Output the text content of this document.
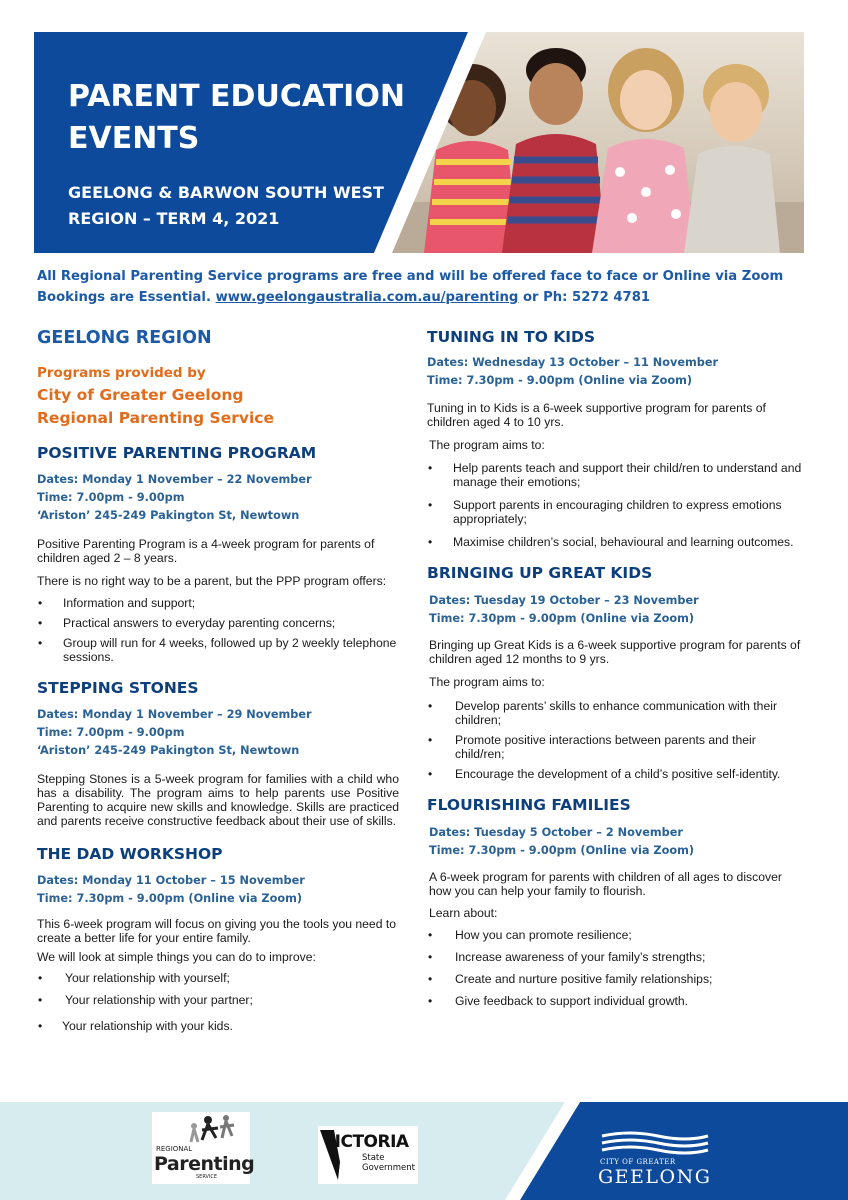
PARENT EDUCATION EVENTS
GEELONG & BARWON SOUTH WEST REGION – TERM 4, 2021
All Regional Parenting Service programs are free and will be offered face to face or Online via Zoom
Bookings are Essential. www.geelongaustralia.com.au/parenting or Ph: 5272 4781
GEELONG REGION
Programs provided by
City of Greater Geelong
Regional Parenting Service
POSITIVE PARENTING PROGRAM
Dates: Monday 1 November – 22 November
Time: 7.00pm - 9.00pm
‘Ariston’ 245-249 Pakington St, Newtown

Positive Parenting Program is a 4-week program for parents of children aged 2 – 8 years.

There is no right way to be a parent, but the PPP program offers:

• Information and support;
• Practical answers to everyday parenting concerns;
• Group will run for 4 weeks, followed up by 2 weekly telephone sessions.
STEPPING STONES
Dates: Monday 1 November – 29 November
Time: 7.00pm - 9.00pm
‘Ariston’ 245-249 Pakington St, Newtown

Stepping Stones is a 5-week program for families with a child who has a disability. The program aims to help parents use Positive Parenting to acquire new skills and knowledge. Skills are practiced and parents receive constructive feedback about their use of skills.

THE DAD WORKSHOP
Dates: Monday 11 October – 15 November
Time: 7.30pm - 9.00pm (Online via Zoom)

This 6-week program will focus on giving you the tools you need to create a better life for your entire family.

We will look at simple things you can do to improve:

• Your relationship with yourself;
• Your relationship with your partner;
• Your relationship with your kids.
TUNING IN TO KIDS
Dates: Wednesday 13 October – 11 November
Time: 7.30pm - 9.00pm (Online via Zoom)

Tuning in to Kids is a 6-week supportive program for parents of children aged 4 to 10 yrs.

The program aims to:

• Help parents teach and support their child/ren to understand and manage their emotions;
• Support parents in encouraging children to express emotions appropriately;
• Maximise children’s social, behavioural and learning outcomes.
BRINGING UP GREAT KIDS
Dates: Tuesday 19 October – 23 November
Time: 7.30pm - 9.00pm (Online via Zoom)

Bringing up Great Kids is a 6-week supportive program for parents of children aged 12 months to 9 yrs.

The program aims to:

• Develop parents’ skills to enhance communication with their children;
• Promote positive interactions between parents and their child/ren;
• Encourage the development of a child’s positive self-identity.
FLOURISHING FAMILIES
Dates: Tuesday 5 October – 2 November
Time: 7.30pm - 9.00pm (Online via Zoom)

A 6-week program for parents with children of all ages to discover how you can help your family to flourish.

Learn about:

• How you can promote resilience;
• Increase awareness of your family’s strengths;
• Create and nurture positive family relationships;
• Give feedback to support individual growth.
REGIONAL
Parenting
SERVICE
VICTORIA
State
Government
CITY OF GREATER
GEELONG
